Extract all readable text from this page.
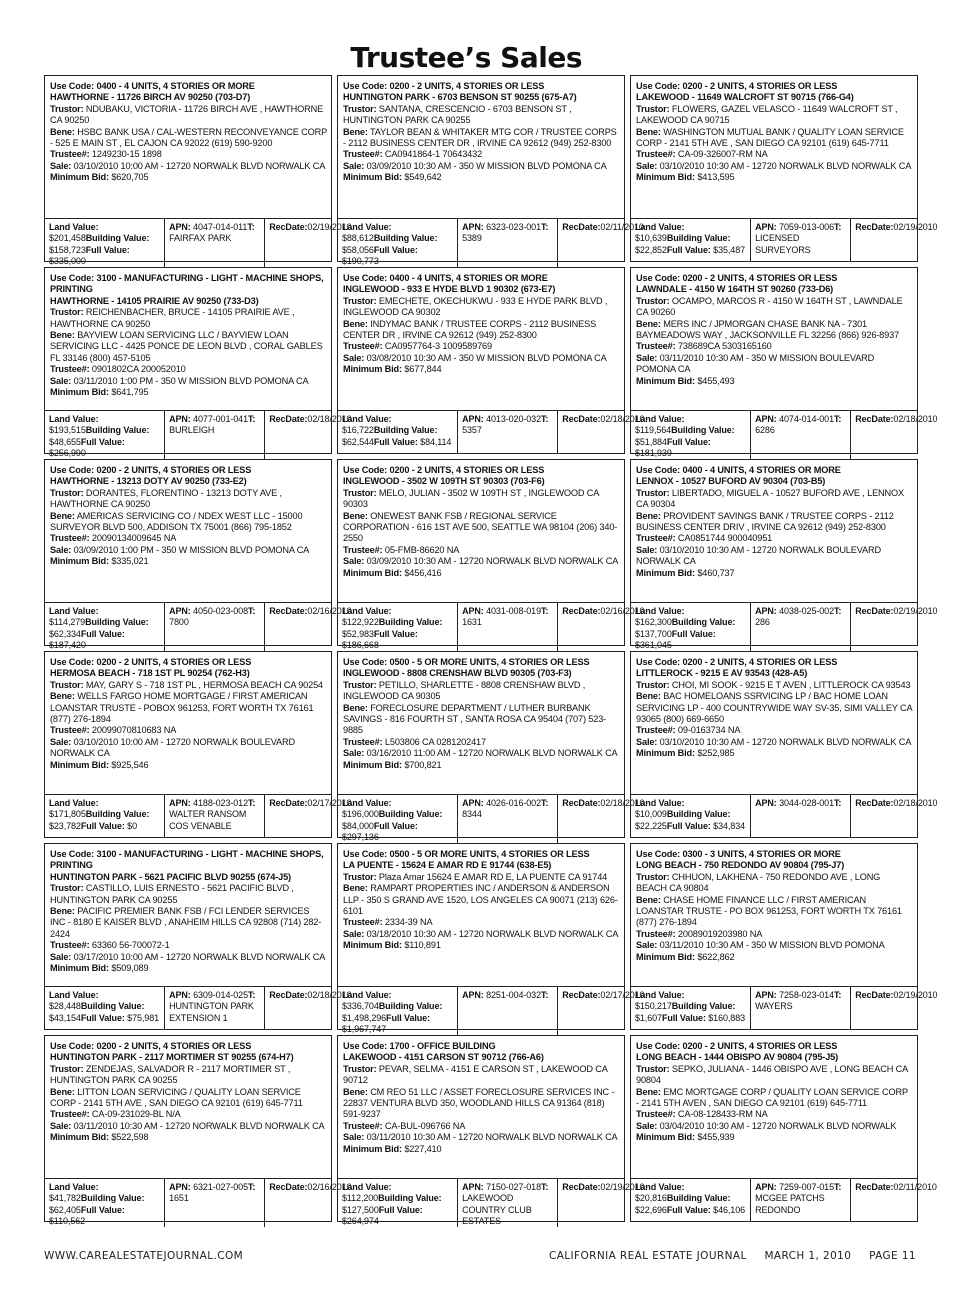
Trustee’s Sales
Use Code: 0400 - 4 UNITS, 4 STORIES OR MORE
HAWTHORNE - 11726 BIRCH AV 90250 (703-D7)
Trustor: NDUBAKU, VICTORIA - 11726 BIRCH AVE , HAWTHORNE CA 90250
Bene: HSBC BANK USA / CAL-WESTERN RECONVEYANCE CORP - 525 E MAIN ST , EL CAJON CA 92022 (619) 590-9200
Trustee#: 1249230-15 1898
Sale: 03/10/2010 10:00 AM - 12720 NORWALK BLVD NORWALK CA
Minimum Bid: $620,705
Land Value: $201,458Building Value: $158,723Full Value: $335,000
APN: 4047-014-011T: FAIRFAX PARK
RecDate:02/19/2010
Use Code: 0200 - 2 UNITS, 4 STORIES OR LESS
HUNTINGTON PARK - 6703 BENSON ST 90255 (675-A7)
Trustor: SANTANA, CRESCENCIO - 6703 BENSON ST , HUNTINGTON PARK CA 90255
Bene: TAYLOR BEAN & WHITAKER MTG COR / TRUSTEE CORPS - 2112 BUSINESS CENTER DR , IRVINE CA 92612 (949) 252-8300
Trustee#: CA0941864-1 70643432
Sale: 03/09/2010 10:30 AM - 350 W MISSION BLVD POMONA CA
Minimum Bid: $549,642
Land Value: $88,612Building Value: $58,056Full Value: $190,773
APN: 6323-023-001T: 5389
RecDate:02/11/2010
Use Code: 0200 - 2 UNITS, 4 STORIES OR LESS
LAKEWOOD - 11649 WALCROFT ST 90715 (766-G4)
Trustor: FLOWERS, GAZEL VELASCO - 11649 WALCROFT ST , LAKEWOOD CA 90715
Bene: WASHINGTON MUTUAL BANK / QUALITY LOAN SERVICE CORP - 2141 5TH AVE , SAN DIEGO CA 92101 (619) 645-7711
Trustee#: CA-09-326007-RM NA
Sale: 03/10/2010 10:30 AM - 12720 NORWALK BLVD NORWALK CA
Minimum Bid: $413,595
Land Value: $10,639Building Value: $22,852Full Value: $35,487
APN: 7059-013-006T: LICENSED SURVEYORS
RecDate:02/19/2010
Use Code: 3100 - MANUFACTURING - LIGHT - MACHINE SHOPS, PRINTING
HAWTHORNE - 14105 PRAIRIE AV 90250 (733-D3)
Trustor: REICHENBACHER, BRUCE - 14105 PRAIRIE AVE , HAWTHORNE CA 90250
Bene: BAYVIEW LOAN SERVICING LLC / BAYVIEW LOAN SERVICING LLC - 4425 PONCE DE LEON BLVD , CORAL GABLES FL 33146 (800) 457-5105
Trustee#: 0901802CA 200052010
Sale: 03/11/2010 1:00 PM - 350 W MISSION BLVD POMONA CA
Minimum Bid: $641,795
Land Value: $193,515Building Value: $48,655Full Value: $256,990
APN: 4077-001-041T: BURLEIGH
RecDate:02/18/2010
Use Code: 0400 - 4 UNITS, 4 STORIES OR MORE
INGLEWOOD - 933 E HYDE BLVD 1 90302 (673-E7)
Trustor: EMECHETE, OKECHUKWU - 933 E HYDE PARK BLVD , INGLEWOOD CA 90302
Bene: INDYMAC BANK / TRUSTEE CORPS - 2112 BUSINESS CENTER DR , IRVINE CA 92612 (949) 252-8300
Trustee#: CA0957764-3 1009589769
Sale: 03/08/2010 10:30 AM - 350 W MISSION BLVD POMONA CA
Minimum Bid: $677,844
Land Value: $16,722Building Value: $62,544Full Value: $84,114
APN: 4013-020-032T: 5357
RecDate:02/18/2010
Use Code: 0200 - 2 UNITS, 4 STORIES OR LESS
LAWNDALE - 4150 W 164TH ST 90260 (733-D6)
Trustor: OCAMPO, MARCOS R - 4150 W 164TH ST , LAWNDALE CA 90260
Bene: MERS INC / JPMORGAN CHASE BANK NA - 7301 BAYMEADOWS WAY , JACKSONVILLE FL 32256 (866) 926-8937
Trustee#: 738689CA 5303165160
Sale: 03/11/2010 10:30 AM - 350 W MISSION BOULEVARD POMONA CA
Minimum Bid: $455,493
Land Value: $119,564Building Value: $51,884Full Value: $181,939
APN: 4074-014-001T: 6286
RecDate:02/18/2010
Use Code: 0200 - 2 UNITS, 4 STORIES OR LESS
HAWTHORNE - 13213 DOTY AV 90250 (733-E2)
Trustor: DORANTES, FLORENTINO - 13213 DOTY AVE , HAWTHORNE CA 90250
Bene: AMERICAS SERVICING CO / NDEX WEST LLC - 15000 SURVEYOR BLVD 500, ADDISON TX 75001 (866) 795-1852
Trustee#: 20090134009645 NA
Sale: 03/09/2010 1:00 PM - 350 W MISSION BLVD POMONA CA
Minimum Bid: $335,021
Land Value: $114,279Building Value: $62,334Full Value: $187,420
APN: 4050-023-008T: 7800
RecDate:02/16/2010
Use Code: 0200 - 2 UNITS, 4 STORIES OR LESS
INGLEWOOD - 3502 W 109TH ST 90303 (703-F6)
Trustor: MELO, JULIAN - 3502 W 109TH ST , INGLEWOOD CA 90303
Bene: ONEWEST BANK FSB / REGIONAL SERVICE CORPORATION - 616 1ST AVE 500, SEATTLE WA 98104 (206) 340-2550
Trustee#: 05-FMB-86620 NA
Sale: 03/09/2010 10:30 AM - 12720 NORWALK BLVD NORWALK CA
Minimum Bid: $456,416
Land Value: $122,922Building Value: $52,983Full Value: $186,668
APN: 4031-008-019T: 1631
RecDate:02/16/2010
Use Code: 0400 - 4 UNITS, 4 STORIES OR MORE
LENNOX - 10527 BUFORD AV 90304 (703-B5)
Trustor: LIBERTADO, MIGUEL A - 10527 BUFORD AVE , LENNOX CA 90304
Bene: PROVIDENT SAVINGS BANK / TRUSTEE CORPS - 2112 BUSINESS CENTER DRIV , IRVINE CA 92612 (949) 252-8300
Trustee#: CA0851744 900040951
Sale: 03/10/2010 10:30 AM - 12720 NORWALK BOULEVARD NORWALK CA
Minimum Bid: $460,737
Land Value: $162,300Building Value: $137,700Full Value: $361,045
APN: 4038-025-002T: 286
RecDate:02/19/2010
Use Code: 0200 - 2 UNITS, 4 STORIES OR LESS
HERMOSA BEACH - 718 1ST PL 90254 (762-H3)
Trustor: MAY, GARY S - 718 1ST PL , HERMOSA BEACH CA 90254
Bene: WELLS FARGO HOME MORTGAGE / FIRST AMERICAN LOANSTAR TRUSTE - POBOX 961253, FORT WORTH TX 76161 (877) 276-1894
Trustee#: 20099070810683 NA
Sale: 03/10/2010 10:00 AM - 12720 NORWALK BOULEVARD NORWALK CA
Minimum Bid: $925,546
Land Value: $171,805Building Value: $23,782Full Value: $0
APN: 4188-023-012T: WALTER RANSOM COS VENABLE
RecDate:02/17/2010
Use Code: 0500 - 5 OR MORE UNITS, 4 STORIES OR LESS
INGLEWOOD - 8808 CRENSHAW BLVD 90305 (703-F3)
Trustor: PETILLO, SHARLETTE - 8808 CRENSHAW BLVD , INGLEWOOD CA 90305
Bene: FORECLOSURE DEPARTMENT / LUTHER BURBANK SAVINGS - 816 FOURTH ST , SANTA ROSA CA 95404 (707) 523-9885
Trustee#: L503806 CA 0281202417
Sale: 03/16/2010 11:00 AM - 12720 NORWALK BLVD NORWALK CA
Minimum Bid: $700,821
Land Value: $196,000Building Value: $84,000Full Value: $297,136
APN: 4026-016-002T: 8344
RecDate:02/18/2010
Use Code: 0200 - 2 UNITS, 4 STORIES OR LESS
LITTLEROCK - 9215 E AV 93543 (428-A5)
Trustor: CHOI, MI SOOK - 9215 E T AVEN , LITTLEROCK CA 93543
Bene: BAC HOMELOANS SSRVICING LP / BAC HOME LOAN SERVICING LP - 400 COUNTRYWIDE WAY SV-35, SIMI VALLEY CA 93065 (800) 669-6650
Trustee#: 09-0163734 NA
Sale: 03/10/2010 10:30 AM - 12720 NORWALK BLVD NORWALK CA
Minimum Bid: $252,985
Land Value: $10,009Building Value: $22,225Full Value: $34,834
APN: 3044-028-001T:	RecDate:02/18/2010
Use Code: 3100 - MANUFACTURING - LIGHT - MACHINE SHOPS, PRINTING
HUNTINGTON PARK - 5621 PACIFIC BLVD 90255 (674-J5)
Trustor: CASTILLO, LUIS ERNESTO - 5621 PACIFIC BLVD , HUNTINGTON PARK CA 90255
Bene: PACIFIC PREMIER BANK FSB / FCI LENDER SERVICES INC - 8180 E KAISER BLVD , ANAHEIM HILLS CA 92808 (714) 282-2424
Trustee#: 63360 56-700072-1
Sale: 03/17/2010 10:00 AM - 12720 NORWALK BLVD NORWALK CA
Minimum Bid: $509,089
Land Value: $28,448Building Value: $43,154Full Value: $75,981
APN: 6309-014-025T: HUNTINGTON PARK EXTENSION 1
RecDate:02/18/2010
Use Code: 0500 - 5 OR MORE UNITS, 4 STORIES OR LESS
LA PUENTE - 15624 E AMAR RD E 91744 (638-E5)
Trustor: Plaza Amar 15624 E AMAR RD E, LA PUENTE CA 91744
Bene: RAMPART PROPERTIES INC / ANDERSON & ANDERSON LLP - 350 S GRAND AVE 1520, LOS ANGELES CA 90071 (213) 626-6101
Trustee#: 2334-39 NA
Sale: 03/18/2010 10:30 AM - 12720 NORWALK BLVD NORWALK CA
Minimum Bid: $110,891
Land Value: $336,704Building Value: $1,498,296Full Value: $1,967,747
APN: 8251-004-032T:	RecDate:02/17/2010
Use Code: 0300 - 3 UNITS, 4 STORIES OR MORE
LONG BEACH - 750 REDONDO AV 90804 (795-J7)
Trustor: CHHUON, LAKHENA - 750 REDONDO AVE , LONG BEACH CA 90804
Bene: CHASE HOME FINANCE LLC / FIRST AMERICAN LOANSTAR TRUSTE - PO BOX 961253, FORT WORTH TX 76161 (877) 276-1894
Trustee#: 20089019203980 NA
Sale: 03/11/2010 10:30 AM - 350 W MISSION BLVD POMONA
Minimum Bid: $622,862
Land Value: $150,217Building Value: $1,607Full Value: $160,883
APN: 7258-023-014T: WAYERS
RecDate:02/19/2010
Use Code: 0200 - 2 UNITS, 4 STORIES OR LESS
HUNTINGTON PARK - 2117 MORTIMER ST 90255 (674-H7)
Trustor: ZENDEJAS, SALVADOR R - 2117 MORTIMER ST , HUNTINGTON PARK CA 90255
Bene: LITTON LOAN SERVICING / QUALITY LOAN SERVICE CORP - 2141 5TH AVE , SAN DIEGO CA 92101 (619) 645-7711
Trustee#: CA-09-231029-BL N/A
Sale: 03/11/2010 10:30 AM - 12720 NORWALK BLVD NORWALK CA
Minimum Bid: $522,598
Land Value: $41,782Building Value: $62,405Full Value: $110,562
APN: 6321-027-005T: 1651
RecDate:02/16/2010
Use Code: 1700 - OFFICE BUILDING
LAKEWOOD - 4151 CARSON ST 90712 (766-A6)
Trustor: PEVAR, SELMA - 4151 E CARSON ST , LAKEWOOD CA 90712
Bene: CM REO 51 LLC / ASSET FORECLOSURE SERVICES INC - 22837 VENTURA BLVD 350, WOODLAND HILLS CA 91364 (818) 591-9237
Trustee#: CA-BUL-096766 NA
Sale: 03/11/2010 10:30 AM - 12720 NORWALK BLVD NORWALK CA
Minimum Bid: $227,410
Land Value: $112,200Building Value: $127,500Full Value: $264,974
APN: 7150-027-018T: LAKEWOOD COUNTRY CLUB ESTATES
RecDate:02/19/2010
Use Code: 0200 - 2 UNITS, 4 STORIES OR LESS
LONG BEACH - 1444 OBISPO AV 90804 (795-J5)
Trustor: SEPKO, JULIANA - 1446 OBISPO AVE , LONG BEACH CA 90804
Bene: EMC MORTGAGE CORP / QUALITY LOAN SERVICE CORP - 2141 5TH AVEN , SAN DIEGO CA 92101 (619) 645-7711
Trustee#: CA-08-128433-RM NA
Sale: 03/04/2010 10:30 AM - 12720 NORWALK BLVD NORWALK
Minimum Bid: $455,939
Land Value: $20,816Building Value: $22,696Full Value: $46,106
APN: 7259-007-015T: MCGEE PATCHS REDONDO
RecDate:02/11/2010
WWW.CAREALESTATEJOURNAL.COM	CALIFORNIA REAL ESTATE JOURNAL MARCH 1, 2010 PAGE 11
